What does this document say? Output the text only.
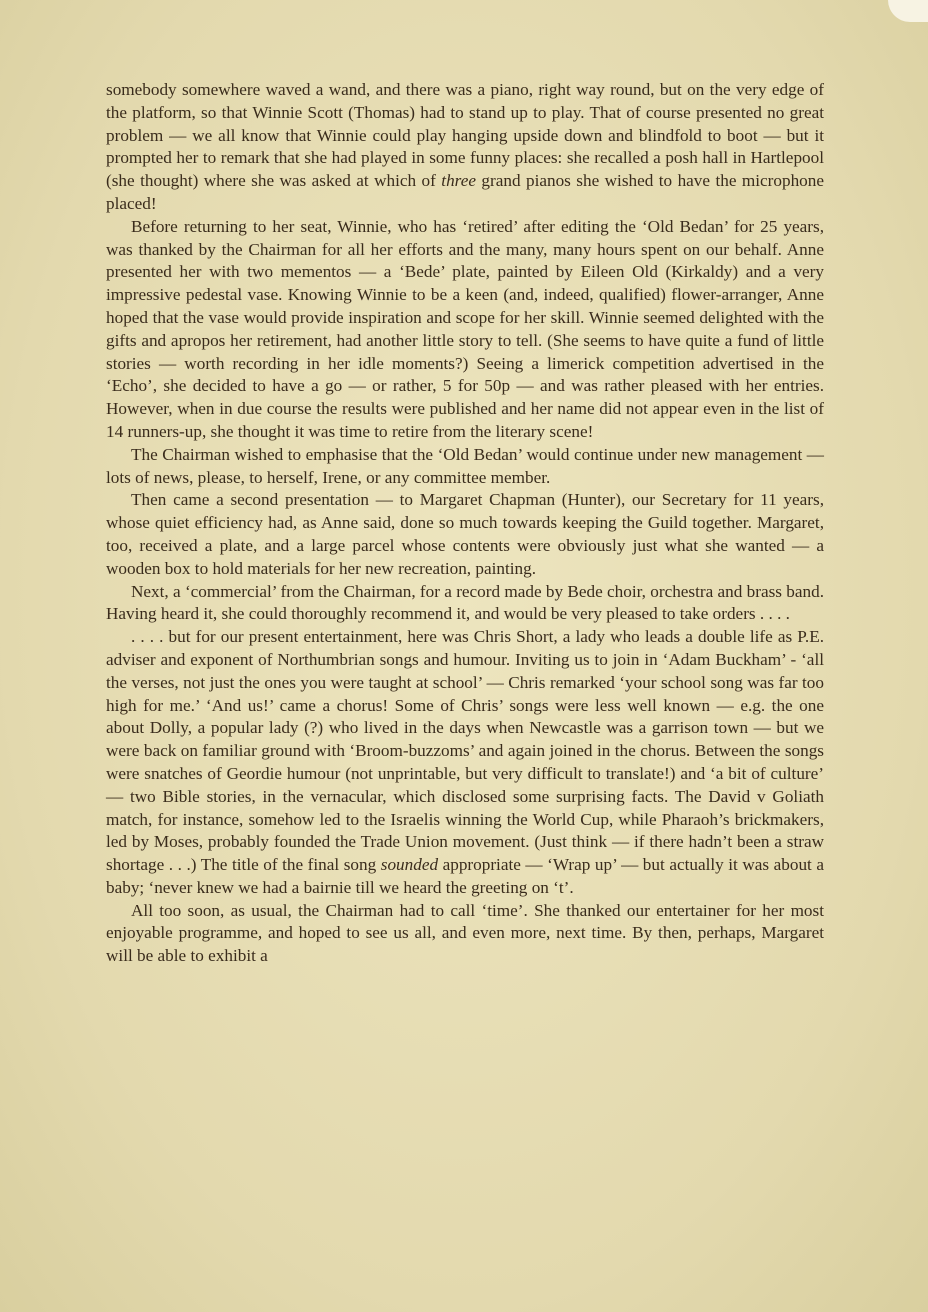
somebody somewhere waved a wand, and there was a piano, right way round, but on the very edge of the platform, so that Winnie Scott (Thomas) had to stand up to play. That of course presented no great problem — we all know that Winnie could play hanging upside down and blindfold to boot — but it prompted her to remark that she had played in some funny places: she recalled a posh hall in Hartlepool (she thought) where she was asked at which of three grand pianos she wished to have the microphone placed!

Before returning to her seat, Winnie, who has ‘retired’ after editing the ‘Old Bedan’ for 25 years, was thanked by the Chairman for all her efforts and the many, many hours spent on our behalf. Anne presented her with two mementos — a ‘Bede’ plate, painted by Eileen Old (Kirkaldy) and a very impressive pedestal vase. Knowing Winnie to be a keen (and, indeed, qualified) flower-arranger, Anne hoped that the vase would provide inspiration and scope for her skill. Winnie seemed delighted with the gifts and apropos her retirement, had another little story to tell. (She seems to have quite a fund of little stories — worth recording in her idle moments?) Seeing a limerick competition advertised in the ‘Echo’, she decided to have a go — or rather, 5 for 50p — and was rather pleased with her entries. However, when in due course the results were published and her name did not appear even in the list of 14 runners-up, she thought it was time to retire from the literary scene!

The Chairman wished to emphasise that the ‘Old Bedan’ would continue under new management — lots of news, please, to herself, Irene, or any committee member.

Then came a second presentation — to Margaret Chapman (Hunter), our Secretary for 11 years, whose quiet efficiency had, as Anne said, done so much towards keeping the Guild together. Margaret, too, received a plate, and a large parcel whose contents were obviously just what she wanted — a wooden box to hold materials for her new recreation, painting.

Next, a ‘commercial’ from the Chairman, for a record made by Bede choir, orchestra and brass band. Having heard it, she could thoroughly recommend it, and would be very pleased to take orders . . . .

. . . . but for our present entertainment, here was Chris Short, a lady who leads a double life as P.E. adviser and exponent of Northumbrian songs and humour. Inviting us to join in ‘Adam Buckham’ - ‘all the verses, not just the ones you were taught at school’ — Chris remarked ‘your school song was far too high for me.’ ‘And us!’ came a chorus! Some of Chris’ songs were less well known — e.g. the one about Dolly, a popular lady (?) who lived in the days when Newcastle was a garrison town — but we were back on familiar ground with ‘Broom-buzzoms’ and again joined in the chorus. Between the songs were snatches of Geordie humour (not unprintable, but very difficult to translate!) and ‘a bit of culture’ — two Bible stories, in the vernacular, which disclosed some surprising facts. The David v Goliath match, for instance, somehow led to the Israelis winning the World Cup, while Pharaoh’s brickmakers, led by Moses, probably founded the Trade Union movement. (Just think — if there hadn’t been a straw shortage . . .) The title of the final song sounded appropriate — ‘Wrap up’ — but actually it was about a baby; ‘never knew we had a bairnie till we heard the greeting on ‘t’.

All too soon, as usual, the Chairman had to call ‘time’. She thanked our entertainer for her most enjoyable programme, and hoped to see us all, and even more, next time. By then, perhaps, Margaret will be able to exhibit a
